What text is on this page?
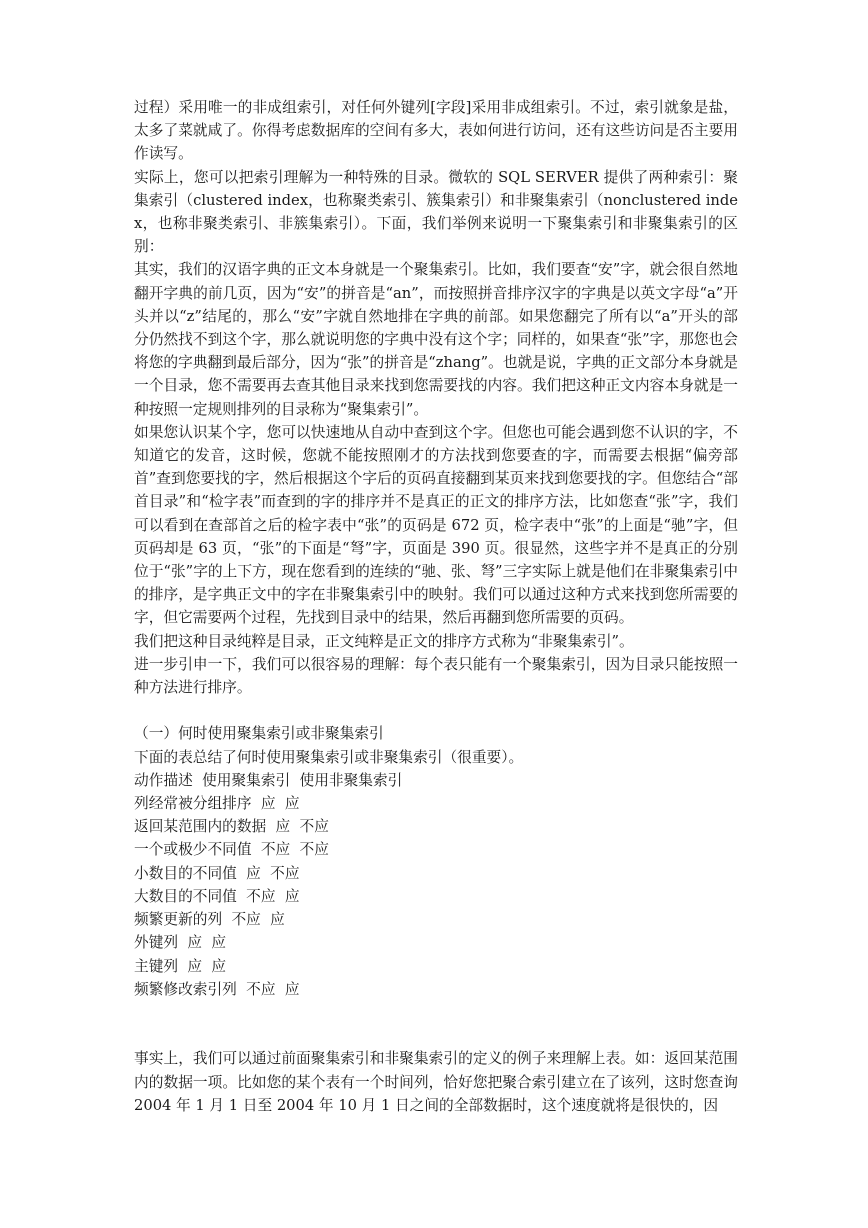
过程）采用唯一的非成组索引，对任何外键列[字段]采用非成组索引。不过，索引就象是盐，太多了菜就咸了。你得考虑数据库的空间有多大，表如何进行访问，还有这些访问是否主要用作读写。

实际上，您可以把索引理解为一种特殊的目录。微软的 SQL SERVER 提供了两种索引：聚集索引（clustered index，也称聚类索引、簇集索引）和非聚集索引（nonclustered index，也称非聚类索引、非簇集索引）。下面，我们举例来说明一下聚集索引和非聚集索引的区别：

其实，我们的汉语字典的正文本身就是一个聚集索引。比如，我们要查“安”字，就会很自然地翻开字典的前几页，因为“安”的拼音是“an”，而按照拼音排序汉字的字典是以英文字母“a”开头并以“z”结尾的，那么“安”字就自然地排在字典的前部。如果您翻完了所有以“a”开头的部分仍然找不到这个字，那么就说明您的字典中没有这个字；同样的，如果查“张”字，那您也会将您的字典翻到最后部分，因为“张”的拼音是“zhang”。也就是说，字典的正文部分本身就是一个目录，您不需要再去查其他目录来找到您需要找的内容。我们把这种正文内容本身就是一种按照一定规则排列的目录称为“聚集索引”。

如果您认识某个字，您可以快速地从自动中查到这个字。但您也可能会遇到您不认识的字，不知道它的发音，这时候，您就不能按照刚才的方法找到您要查的字，而需要去根据“偏旁部首”查到您要找的字，然后根据这个字后的页码直接翻到某页来找到您要找的字。但您结合“部首目录”和“检字表”而查到的字的排序并不是真正的正文的排序方法，比如您查“张”字，我们可以看到在查部首之后的检字表中“张”的页码是 672 页，检字表中“张”的上面是“驰”字，但页码却是 63 页，“张”的下面是“弩”字，页面是 390 页。很显然，这些字并不是真正的分别位于“张”字的上下方，现在您看到的连续的“驰、张、弩”三字实际上就是他们在非聚集索引中的排序，是字典正文中的字在非聚集索引中的映射。我们可以通过这种方式来找到您所需要的字，但它需要两个过程，先找到目录中的结果，然后再翻到您所需要的页码。

我们把这种目录纯粹是目录，正文纯粹是正文的排序方式称为“非聚集索引”。

进一步引申一下，我们可以很容易的理解：每个表只能有一个聚集索引，因为目录只能按照一种方法进行排序。

（一）何时使用聚集索引或非聚集索引

下面的表总结了何时使用聚集索引或非聚集索引（很重要）。

动作描述  使用聚集索引  使用非聚集索引

列经常被分组排序  应  应

返回某范围内的数据  应  不应

一个或极少不同值  不应  不应

小数目的不同值  应  不应

大数目的不同值  不应  应

频繁更新的列  不应  应

外键列  应  应

主键列  应  应

频繁修改索引列  不应  应

事实上，我们可以通过前面聚集索引和非聚集索引的定义的例子来理解上表。如：返回某范围内的数据一项。比如您的某个表有一个时间列，恰好您把聚合索引建立在了该列，这时您查询 2004 年 1 月 1 日至 2004 年 10 月 1 日之间的全部数据时，这个速度就将是很快的，因
